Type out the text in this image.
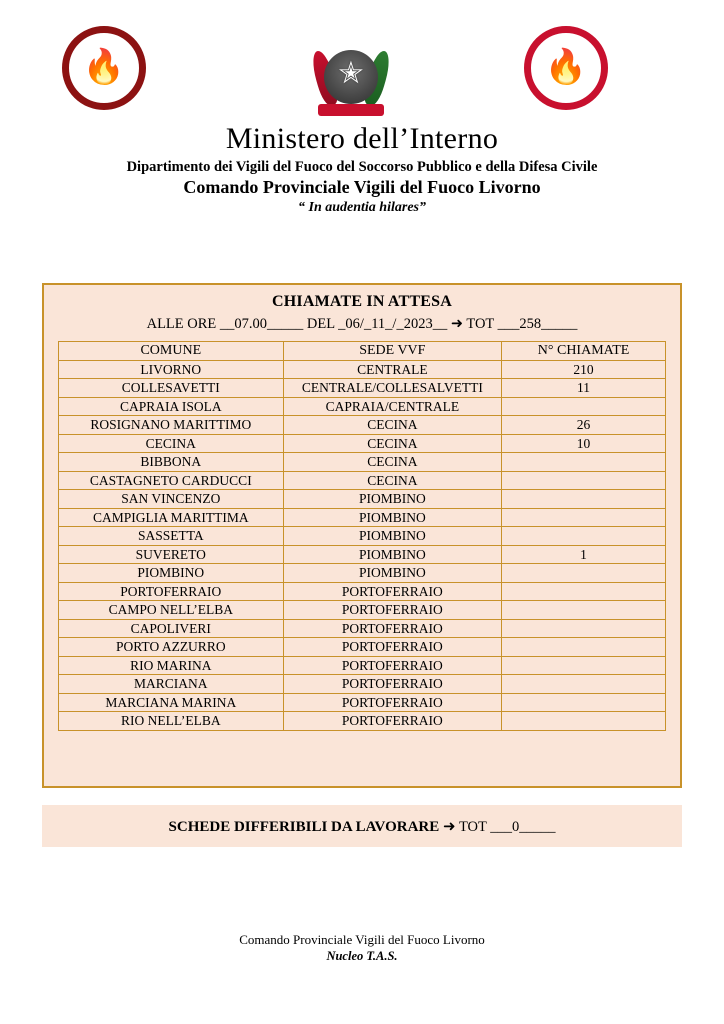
🔥	✭	🔥
Ministero dell’Interno
Dipartimento dei Vigili del Fuoco del Soccorso Pubblico e della Difesa Civile
Comando Provinciale Vigili del Fuoco Livorno
“ In audentia hilares”
CHIAMATE IN ATTESA
ALLE ORE __07.00_____ DEL _06/_11_/_2023__ ➜ TOT ___258_____
COMUNE	SEDE VVF	N° CHIAMATE
LIVORNO	CENTRALE	210
COLLESAVETTI	CENTRALE/COLLESALVETTI	11
CAPRAIA ISOLA	CAPRAIA/CENTRALE	
ROSIGNANO MARITTIMO	CECINA	26
CECINA	CECINA	10
BIBBONA	CECINA	
CASTAGNETO CARDUCCI	CECINA	
SAN VINCENZO	PIOMBINO	
CAMPIGLIA MARITTIMA	PIOMBINO	
SASSETTA	PIOMBINO	
SUVERETO	PIOMBINO	1
PIOMBINO	PIOMBINO	
PORTOFERRAIO	PORTOFERRAIO	
CAMPO NELL’ELBA	PORTOFERRAIO	
CAPOLIVERI	PORTOFERRAIO	
PORTO AZZURRO	PORTOFERRAIO	
RIO MARINA	PORTOFERRAIO	
MARCIANA	PORTOFERRAIO	
MARCIANA MARINA	PORTOFERRAIO	
RIO NELL’ELBA	PORTOFERRAIO	
SCHEDE DIFFERIBILI DA LAVORARE ➜ TOT ___0_____
Comando Provinciale Vigili del Fuoco Livorno
Nucleo T.A.S.
